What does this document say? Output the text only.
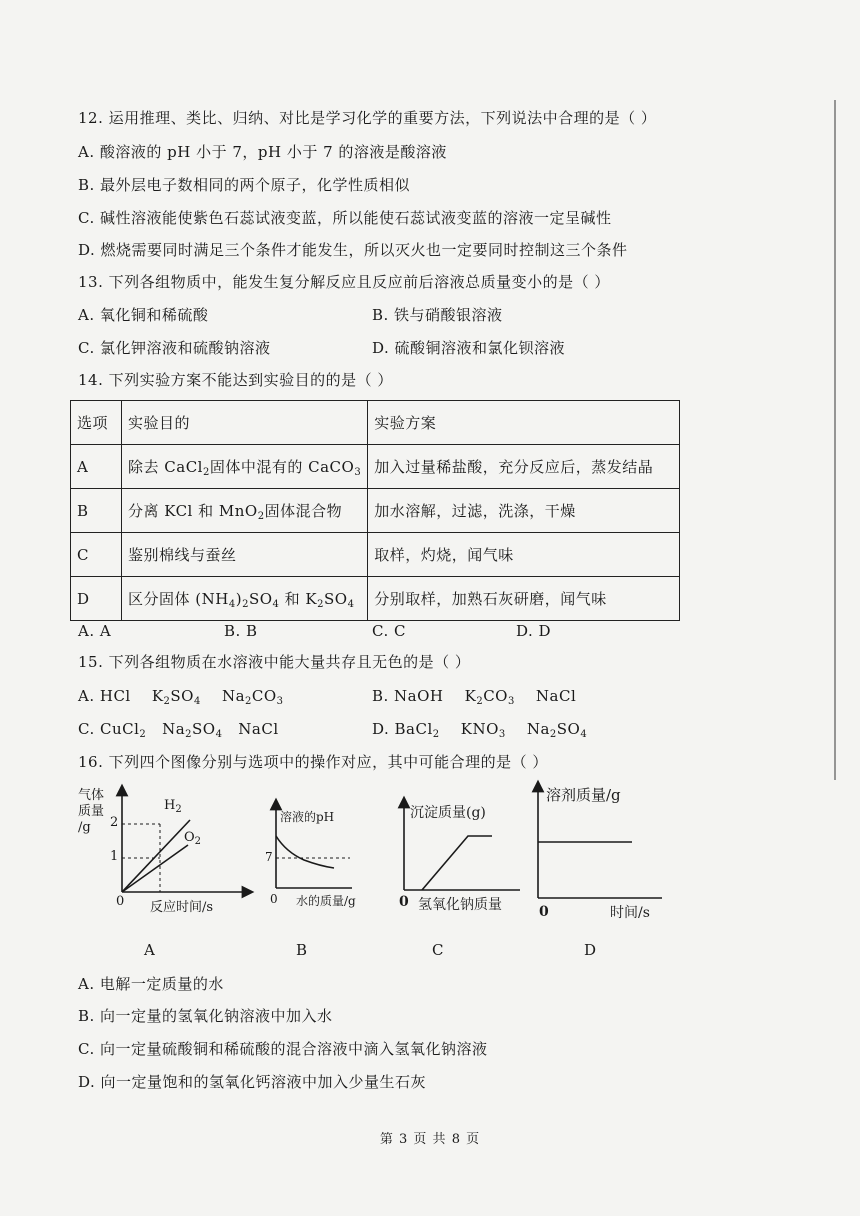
12. 运用推理、类比、归纳、对比是学习化学的重要方法，下列说法中合理的是（ ）
A. 酸溶液的 pH 小于 7，pH 小于 7 的溶液是酸溶液
B. 最外层电子数相同的两个原子，化学性质相似
C. 碱性溶液能使紫色石蕊试液变蓝，所以能使石蕊试液变蓝的溶液一定呈碱性
D. 燃烧需要同时满足三个条件才能发生，所以灭火也一定要同时控制这三个条件
13. 下列各组物质中，能发生复分解反应且反应前后溶液总质量变小的是（ ）
A. 氧化铜和稀硫酸	B. 铁与硝酸银溶液
C. 氯化钾溶液和硫酸钠溶液	D. 硫酸铜溶液和氯化钡溶液
14. 下列实验方案不能达到实验目的的是（ ）
选项	实验目的	实验方案
A	除去 CaCl$_2$固体中混有的 CaCO$_3$	加入过量稀盐酸，充分反应后，蒸发结晶
B	分离 KCl 和 MnO$_2$固体混合物	加水溶解，过滤，洗涤，干燥
C	鉴别棉线与蚕丝	取样，灼烧，闻气味
D	区分固体 $(NH_4)_2SO_4$ 和 $K_2SO_4$	分别取样，加熟石灰研磨，闻气味
A. A	B. B	C. C	D. D
15. 下列各组物质在水溶液中能大量共存且无色的是（ ）
A. HCl $K_2SO_4$ $Na_2CO_3$	B. NaOH $K_2CO_3$ NaCl
C. CuCl$_2$ $Na_2SO_4$ NaCl	D. BaCl$_2$ $KNO_3$ $Na_2SO_4$
16. 下列四个图像分别与选项中的操作对应，其中可能合理的是（ ）
气体
质量
/g	2
1
0 反应时间/s
$H_2$
$O_2$
溶液的pH
7
0 水的质量/g
沉淀质量(g)
0 氢氧化钠质量
溶剂质量/g
0	时间/s
A	B	C	D
A. 电解一定质量的水
B. 向一定量的氢氧化钠溶液中加入水
C. 向一定量硫酸铜和稀硫酸的混合溶液中滴入氢氧化钠溶液
D. 向一定量饱和的氢氧化钙溶液中加入少量生石灰
第 3 页 共 8 页
